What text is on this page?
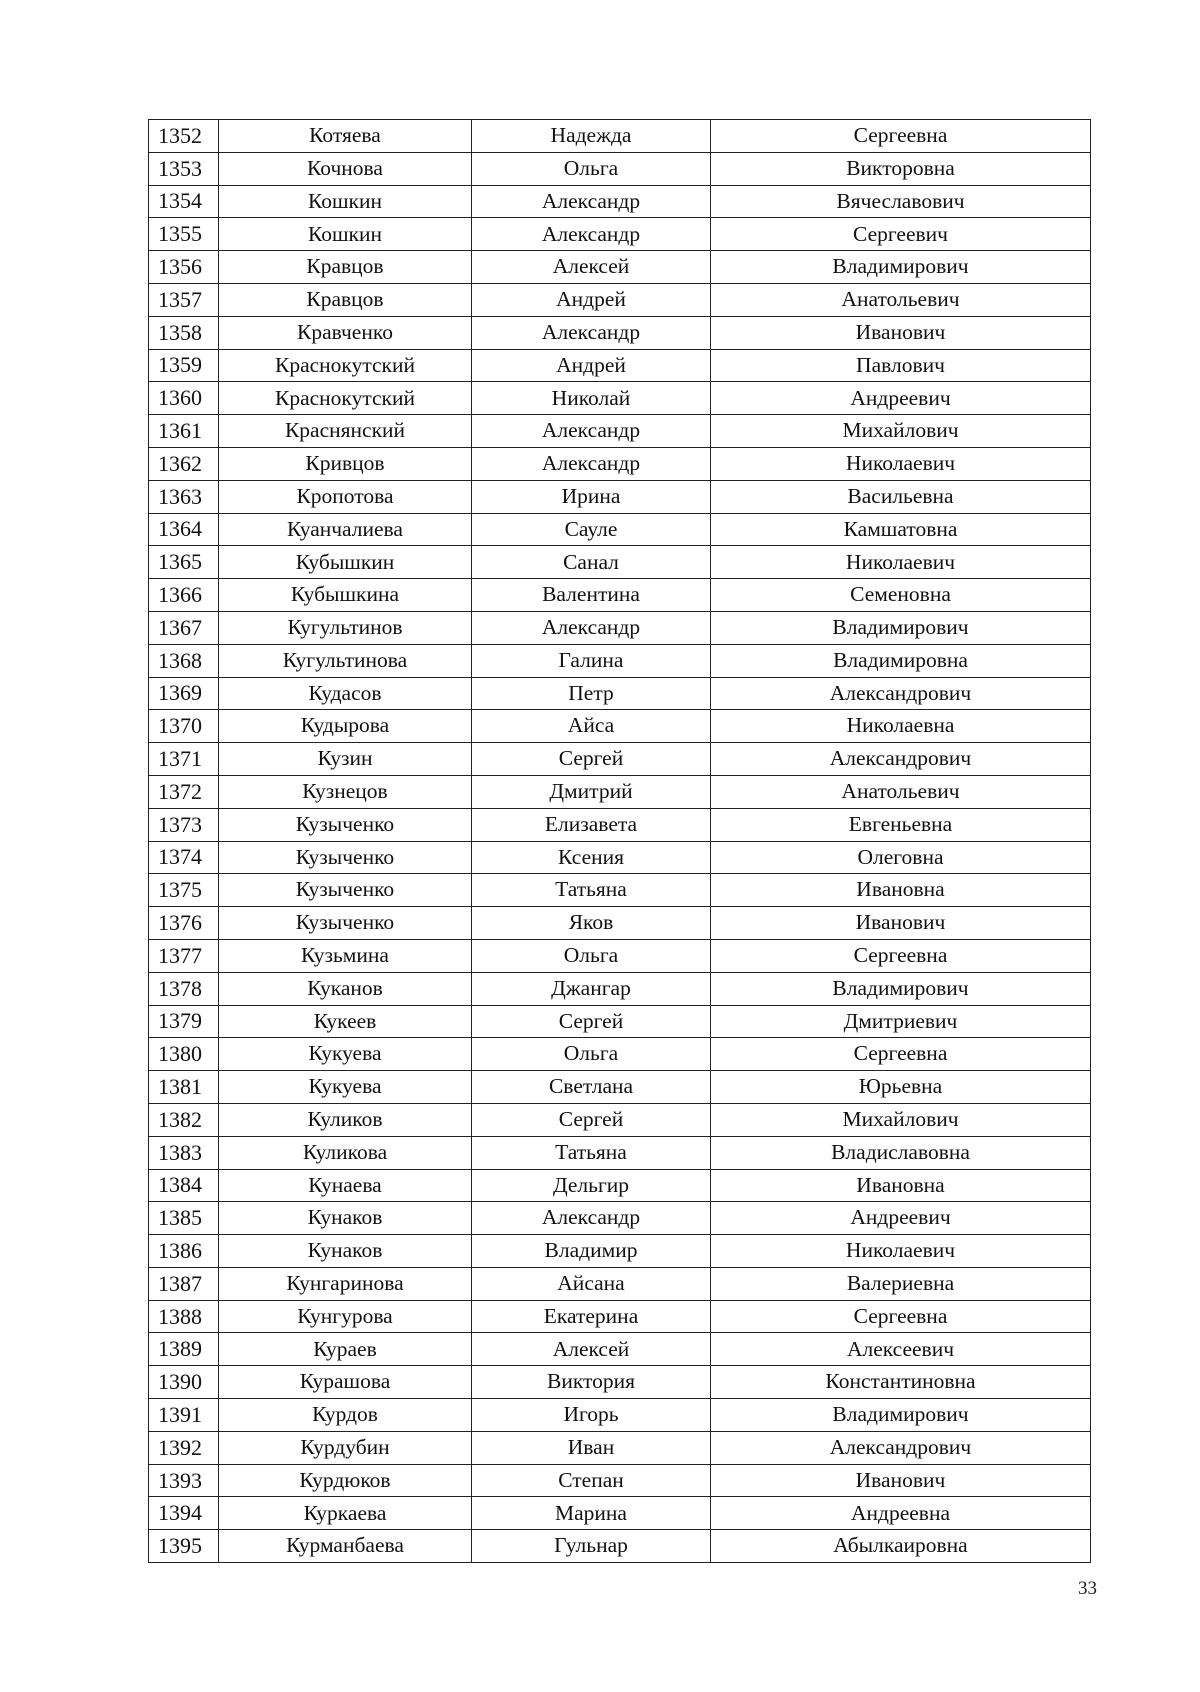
1352	Котяева	Надежда	Сергеевна
1353	Кочнова	Ольга	Викторовна
1354	Кошкин	Александр	Вячеславович
1355	Кошкин	Александр	Сергеевич
1356	Кравцов	Алексей	Владимирович
1357	Кравцов	Андрей	Анатольевич
1358	Кравченко	Александр	Иванович
1359	Краснокутский	Андрей	Павлович
1360	Краснокутский	Николай	Андреевич
1361	Краснянский	Александр	Михайлович
1362	Кривцов	Александр	Николаевич
1363	Кропотова	Ирина	Васильевна
1364	Куанчалиева	Сауле	Камшатовна
1365	Кубышкин	Санал	Николаевич
1366	Кубышкина	Валентина	Семеновна
1367	Кугультинов	Александр	Владимирович
1368	Кугультинова	Галина	Владимировна
1369	Кудасов	Петр	Александрович
1370	Кудырова	Айса	Николаевна
1371	Кузин	Сергей	Александрович
1372	Кузнецов	Дмитрий	Анатольевич
1373	Кузыченко	Елизавета	Евгеньевна
1374	Кузыченко	Ксения	Олеговна
1375	Кузыченко	Татьяна	Ивановна
1376	Кузыченко	Яков	Иванович
1377	Кузьмина	Ольга	Сергеевна
1378	Куканов	Джангар	Владимирович
1379	Кукеев	Сергей	Дмитриевич
1380	Кукуева	Ольга	Сергеевна
1381	Кукуева	Светлана	Юрьевна
1382	Куликов	Сергей	Михайлович
1383	Куликова	Татьяна	Владиславовна
1384	Кунаева	Дельгир	Ивановна
1385	Кунаков	Александр	Андреевич
1386	Кунаков	Владимир	Николаевич
1387	Кунгаринова	Айсана	Валериевна
1388	Кунгурова	Екатерина	Сергеевна
1389	Кураев	Алексей	Алексеевич
1390	Курашова	Виктория	Константиновна
1391	Курдов	Игорь	Владимирович
1392	Курдубин	Иван	Александрович
1393	Курдюков	Степан	Иванович
1394	Куркаева	Марина	Андреевна
1395	Курманбаева	Гульнар	Абылкаировна
33
